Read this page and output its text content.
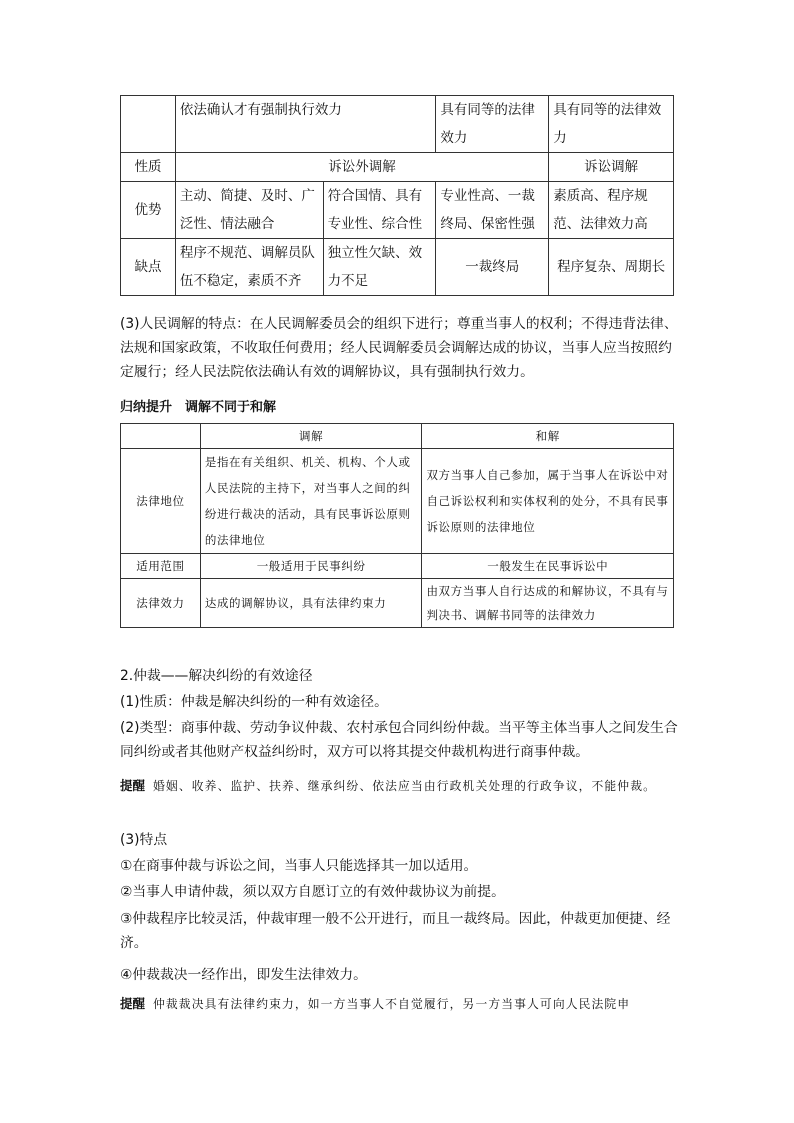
	依法确认才有强制执行效力		具有同等的法律效力	具有同等的法律效力
性质	诉讼外调解			诉讼调解
优势	主动、简捷、及时、广泛性、情法融合	符合国情、具有专业性、综合性	专业性高、一裁终局、保密性强	素质高、程序规范、法律效力高
缺点	程序不规范、调解员队伍不稳定，素质不齐	独立性欠缺、效力不足	一裁终局	程序复杂、周期长
(3)人民调解的特点：在人民调解委员会的组织下进行；尊重当事人的权利；不得违背法律、法规和国家政策，不收取任何费用；经人民调解委员会调解达成的协议，当事人应当按照约定履行；经人民法院依法确认有效的调解协议，具有强制执行效力。
归纳提升　调解不同于和解
	调解	和解
法律地位	是指在有关组织、机关、机构、个人或人民法院的主持下，对当事人之间的纠纷进行裁决的活动，具有民事诉讼原则的法律地位	双方当事人自己参加，属于当事人在诉讼中对自己诉讼权利和实体权利的处分，不具有民事诉讼原则的法律地位
适用范围	一般适用于民事纠纷	一般发生在民事诉讼中
法律效力	达成的调解协议，具有法律约束力	由双方当事人自行达成的和解协议，不具有与判决书、调解书同等的法律效力
2.仲裁——解决纠纷的有效途径
(1)性质：仲裁是解决纠纷的一种有效途径。
(2)类型：商事仲裁、劳动争议仲裁、农村承包合同纠纷仲裁。当平等主体当事人之间发生合同纠纷或者其他财产权益纠纷时，双方可以将其提交仲裁机构进行商事仲裁。
提醒 婚姻、收养、监护、扶养、继承纠纷、依法应当由行政机关处理的行政争议，不能仲裁。
(3)特点
①在商事仲裁与诉讼之间，当事人只能选择其一加以适用。
②当事人申请仲裁，须以双方自愿订立的有效仲裁协议为前提。
③仲裁程序比较灵活，仲裁审理一般不公开进行，而且一裁终局。因此，仲裁更加便捷、经济。
④仲裁裁决一经作出，即发生法律效力。
提醒 仲裁裁决具有法律约束力，如一方当事人不自觉履行，另一方当事人可向人民法院申
